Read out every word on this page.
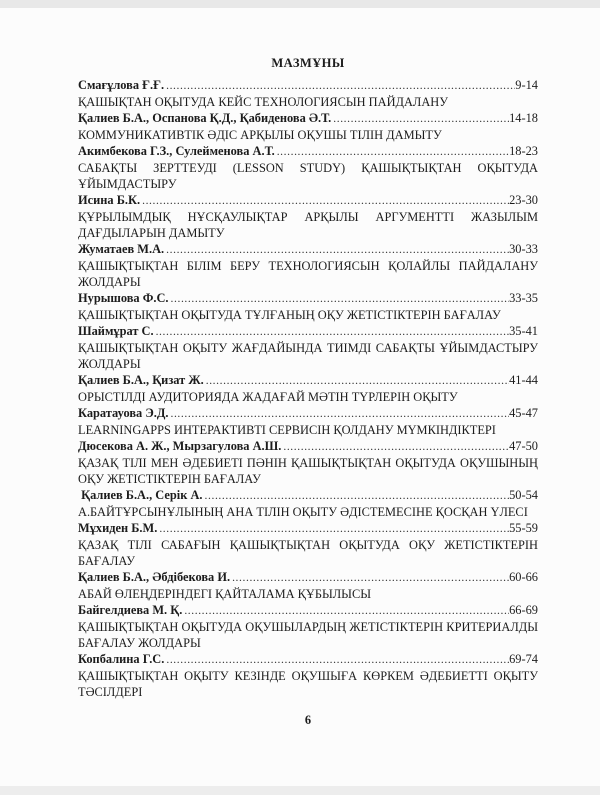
МАЗМҰНЫ
Смағұлова Ғ.Ғ. .....	9-14
ҚАШЫҚТАН ОҚЫТУДА КЕЙС ТЕХНОЛОГИЯСЫН ПАЙДАЛАНУ
Қалиев Б.А., Оспанова Қ.Д., Қабиденова Ә.Т. .....	14-18
КОММУНИКАТИВТІК ӘДІС АРҚЫЛЫ ОҚУШЫ ТІЛІН ДАМЫТУ
Акимбекова Г.З., Сулейменова А.Т. .....	18-23
САБАҚТЫ ЗЕРТТЕУДІ (LESSON STUDY) ҚАШЫҚТЫҚТАН ОҚЫТУДА ҰЙЫМДАСТЫРУ
Исина Б.К. .....	23-30
ҚҰРЫЛЫМДЫҚ НҰСҚАУЛЫҚТАР АРҚЫЛЫ АРГУМЕНТТІ ЖАЗЫЛЫМ ДАҒДЫЛАРЫН ДАМЫТУ
Жуматаев М.А. .....	30-33
ҚАШЫҚТЫҚТАН БІЛІМ БЕРУ ТЕХНОЛОГИЯСЫН ҚОЛАЙЛЫ ПАЙДАЛАНУ ЖОЛДАРЫ
Нурышова Ф.С. .....	33-35
ҚАШЫҚТЫҚТАН ОҚЫТУДА ТҰЛҒАНЫҢ ОҚУ ЖЕТІСТІКТЕРІН БАҒАЛАУ
Шаймұрат С. .....	35-41
ҚАШЫҚТЫҚТАН ОҚЫТУ ЖАҒДАЙЫНДА ТИІМДІ САБАҚТЫ ҰЙЫМДАСТЫРУ ЖОЛДАРЫ
Қалиев Б.А., Қизат Ж. .....	41-44
ОРЫСТІЛДІ АУДИТОРИЯДА ЖАДАҒАЙ МӘТІН ТҮРЛЕРІН ОҚЫТУ
Каратауова Э.Д. .....	45-47
LEARNINGAPPS ИНТЕРАКТИВТІ СЕРВИСІН ҚОЛДАНУ МҮМКІНДІКТЕРІ
Дюсекова А. Ж., Мырзагулова А.Ш. .....	47-50
ҚАЗАҚ ТІЛІ МЕН ӘДЕБИЕТІ ПӘНІН ҚАШЫҚТЫҚТАН ОҚЫТУДА ОҚУШЫНЫҢ ОҚУ ЖЕТІСТІКТЕРІН БАҒАЛАУ
Қалиев Б.А., Серік А. .....	50-54
А.БАЙТҰРСЫНҰЛЫНЫҢ АНА ТІЛІН ОҚЫТУ ӘДІСТЕМЕСІНЕ ҚОСҚАН ҮЛЕСІ
Мұхиден Б.М. .....	55-59
ҚАЗАҚ ТІЛІ САБАҒЫН ҚАШЫҚТЫҚТАН ОҚЫТУДА ОҚУ ЖЕТІСТІКТЕРІН БАҒАЛАУ
Қалиев Б.А., Әбдібекова И. .....	60-66
АБАЙ ӨЛЕҢДЕРІНДЕГІ ҚАЙТАЛАМА ҚҰБЫЛЫСЫ
Байгелдиева М. Қ. .....	66-69
ҚАШЫҚТЫҚТАН ОҚЫТУДА ОҚУШЫЛАРДЫҢ ЖЕТІСТІКТЕРІН КРИТЕРИАЛДЫ БАҒАЛАУ ЖОЛДАРЫ
Копбалина Г.С. .....	69-74
ҚАШЫҚТЫҚТАН ОҚЫТУ КЕЗІНДЕ ОҚУШЫҒА КӨРКЕМ ӘДЕБИЕТТІ ОҚЫТУ ТӘСІЛДЕРІ
6
